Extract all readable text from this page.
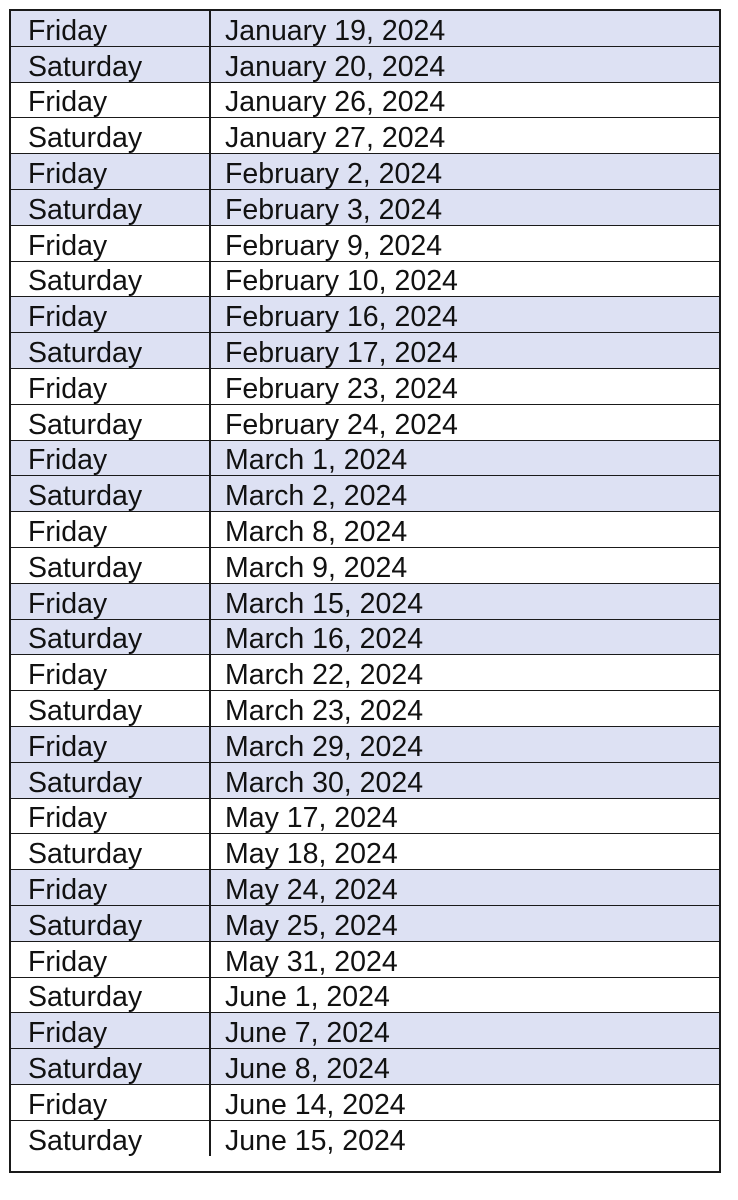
Friday	January 19, 2024
Saturday	January 20, 2024
Friday	January 26, 2024
Saturday	January 27, 2024
Friday	February 2, 2024
Saturday	February 3, 2024
Friday	February 9, 2024
Saturday	February 10, 2024
Friday	February 16, 2024
Saturday	February 17, 2024
Friday	February 23, 2024
Saturday	February 24, 2024
Friday	March 1, 2024
Saturday	March 2, 2024
Friday	March 8, 2024
Saturday	March 9, 2024
Friday	March 15, 2024
Saturday	March 16, 2024
Friday	March 22, 2024
Saturday	March 23, 2024
Friday	March 29, 2024
Saturday	March 30, 2024
Friday	May 17, 2024
Saturday	May 18, 2024
Friday	May 24, 2024
Saturday	May 25, 2024
Friday	May 31, 2024
Saturday	June 1, 2024
Friday	June 7, 2024
Saturday	June 8, 2024
Friday	June 14, 2024
Saturday	June 15, 2024
